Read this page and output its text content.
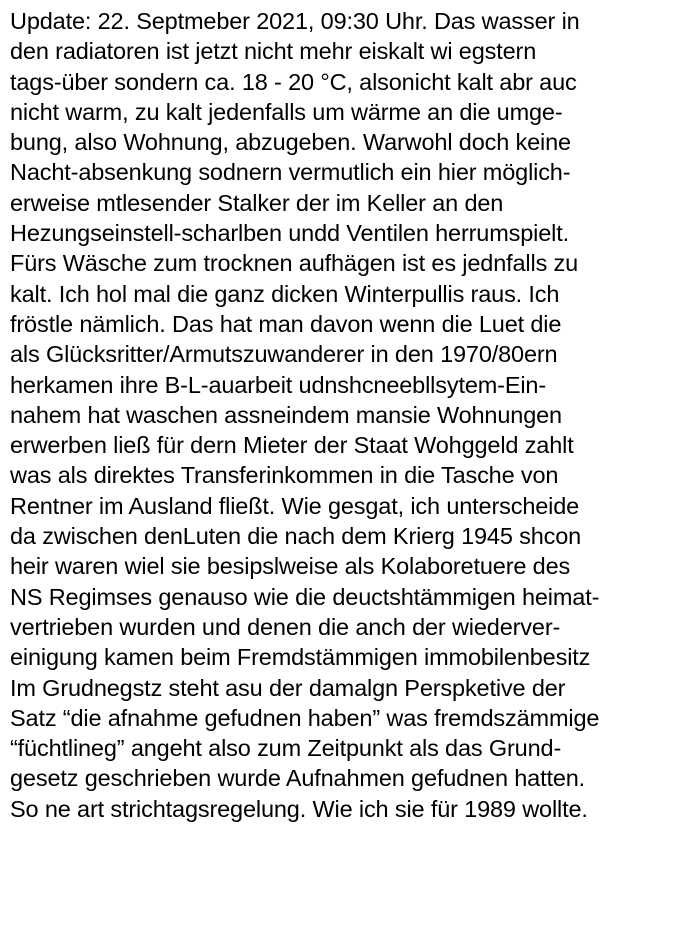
Update: 22. Septmeber 2021, 09:30 Uhr. Das wasser in
den radiatoren ist jetzt nicht mehr eiskalt wi egstern
tags-über sondern ca. 18 - 20 °C, alsonicht kalt abr auc
nicht warm, zu kalt jedenfalls um wärme an die umge-
bung, also Wohnung, abzugeben. Warwohl doch keine
Nacht-absenkung sodnern vermutlich ein hier möglich-
erweise mtlesender Stalker der im Keller an den
Hezungseinstell-scharlben undd Ventilen herrumspielt.
Fürs Wäsche zum trocknen aufhägen ist es jednfalls zu
kalt. Ich hol mal die ganz dicken Winterpullis raus. Ich
fröstle nämlich. Das hat man davon wenn die Luet die
als Glücksritter/Armutszuwanderer in den 1970/80ern
herkamen ihre B-L-auarbeit udnshcneebllsytem-Ein-
nahem hat waschen assneindem mansie Wohnungen
erwerben ließ für dern Mieter der Staat Wohggeld zahlt
was als direktes Transferinkommen in die Tasche von
Rentner im Ausland fließt. Wie gesgat, ich unterscheide
da zwischen denLuten die nach dem Krierg 1945 shcon
heir waren wiel sie besipslweise als Kolaboretuere des
NS Regimses genauso wie die deuctshtämmigen heimat-
vertrieben wurden und denen die anch der wiederver-
einigung kamen beim Fremdstämmigen immobilenbesitz
Im Grudnegstz steht asu der damalgn Perspketive der
Satz “die afnahme gefudnen haben” was fremdszämmige
“füchtlineg” angeht also zum Zeitpunkt als das Grund-
gesetz geschrieben wurde Aufnahmen gefudnen hatten.
So ne art strichtagsregelung. Wie ich sie für 1989 wollte.
